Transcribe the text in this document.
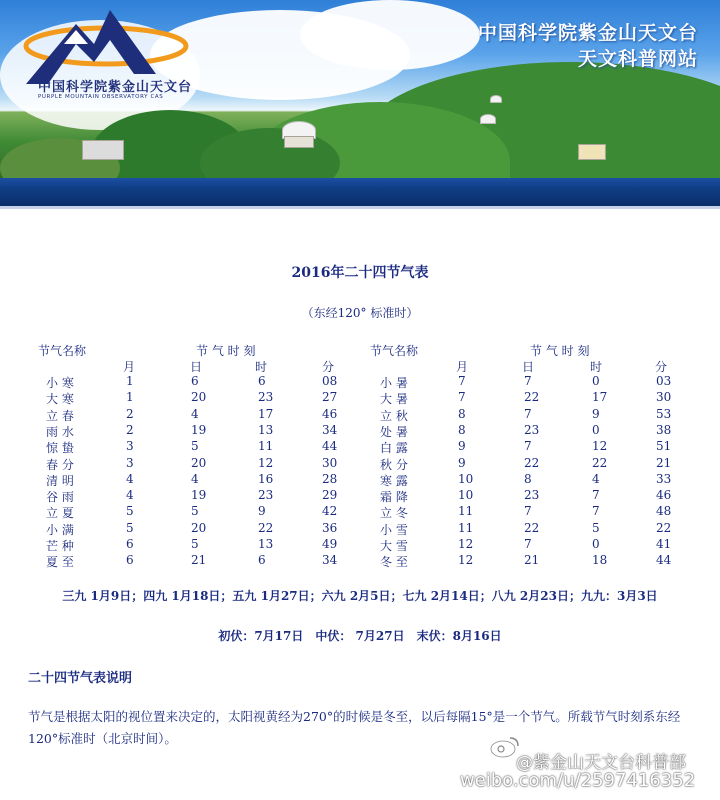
中国科学院紫金山天文台
PURPLE MOUNTAIN OBSERVATORY CAS
中国科学院紫金山天文台
天文科普网站
2016年二十四节气表
（东经120° 标准时）
节气名称	节 气 时 刻	节气名称	节 气 时 刻
月	日	时	分	月	日	时	分
小 寒	1	6	6	08
大 寒	1	20	23	27
立 春	2	4	17	46
雨 水	2	19	13	34
惊 蛰	3	5	11	44
春 分	3	20	12	30
清 明	4	4	16	28
谷 雨	4	19	23	29
立 夏	5	5	9	42
小 满	5	20	22	36
芒 种	6	5	13	49
夏 至	6	21	6	34
小 暑	7	7	0	03
大 暑	7	22	17	30
立 秋	8	7	9	53
处 暑	8	23	0	38
白 露	9	7	12	51
秋 分	9	22	22	21
寒 露	10	8	4	33
霜 降	10	23	7	46
立 冬	11	7	7	48
小 雪	11	22	5	22
大 雪	12	7	0	41
冬 至	12	21	18	44
三九 1月9日；四九 1月18日；五九 1月27日；六九 2月5日；七九 2月14日；八九 2月23日；九九：3月3日
初伏：7月17日　中伏： 7月27日　末伏：8月16日
二十四节气表说明
节气是根据太阳的视位置来决定的，太阳视黄经为270°的时候是冬至，以后每隔15°是一个节气。所载节气时刻系东经120°标准时（北京时间）。
@紫金山天文台科普部
weibo.com/u/2597416352
